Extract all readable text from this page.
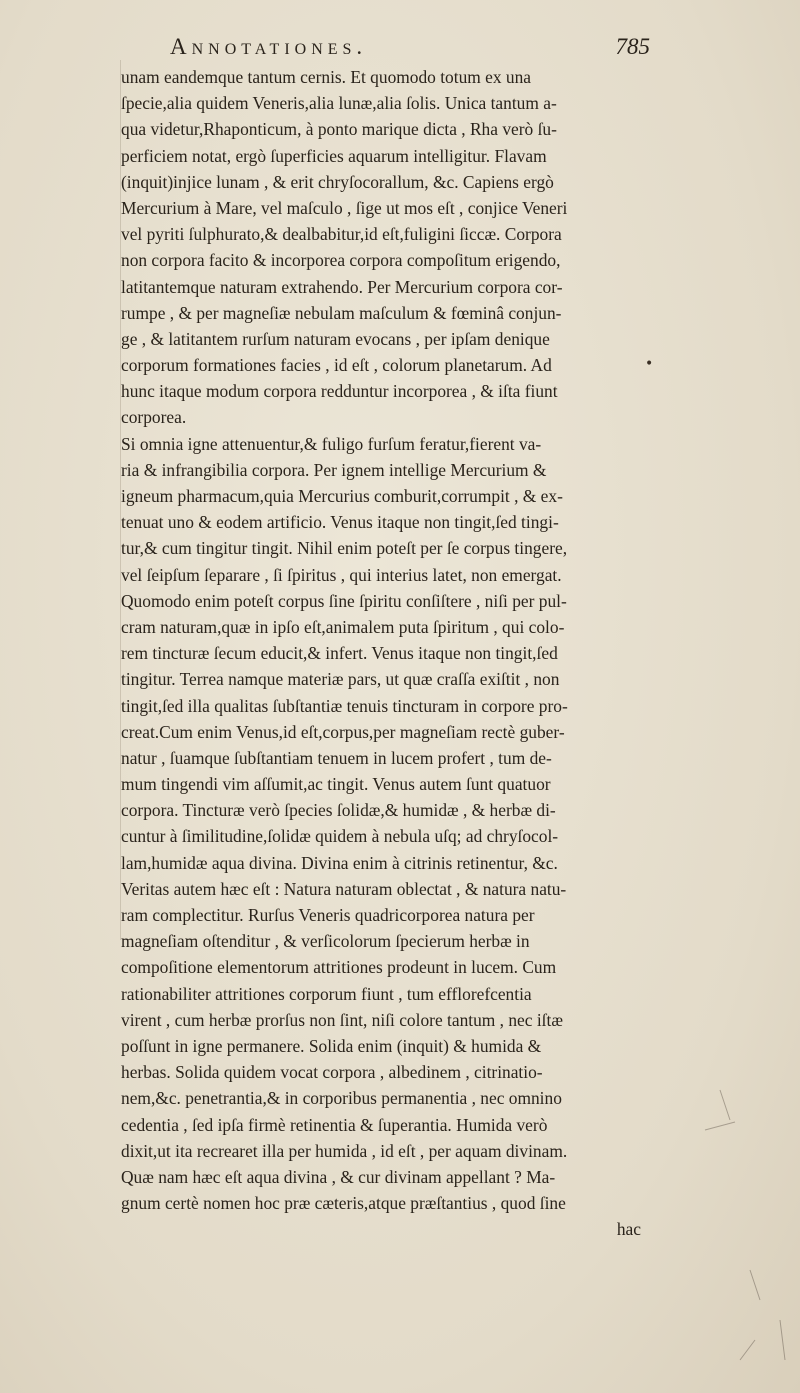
Annotationes.	785
unam eandemque tantum cernis. Et quomodo totum ex una
ſpecie,alia quidem Veneris,alia lunæ,alia ſolis. Unica tantum a-
qua videtur,Rhaponticum, à ponto marique dicta , Rha verò ſu-
perficiem notat, ergò ſuperficies aquarum intelligitur. Flavam
(inquit)injice lunam , & erit chryſocorallum, &c. Capiens ergò
Mercurium à Mare, vel maſculo , ſige ut mos eſt , conjice Veneri
vel pyriti ſulphurato,& dealbabitur,id eſt,fuligini ſiccæ. Corpora
non corpora facito & incorporea corpora compoſitum erigendo,
latitantemque naturam extrahendo. Per Mercurium corpora cor-
rumpe , & per magneſiæ nebulam maſculum & fœminâ conjun-
ge , & latitantem rurſum naturam evocans , per ipſam denique
corporum formationes facies , id eſt , colorum planetarum. Ad
hunc itaque modum corpora redduntur incorporea , & iſta fiunt
corporea.
Si omnia igne attenuentur,& fuligo furſum feratur,fierent va-
ria & infrangibilia corpora. Per ignem intellige Mercurium &
igneum pharmacum,quia Mercurius comburit,corrumpit , & ex-
tenuat uno & eodem artificio. Venus itaque non tingit,ſed tingi-
tur,& cum tingitur tingit. Nihil enim poteſt per ſe corpus tingere,
vel ſeipſum ſeparare , ſi ſpiritus , qui interius latet, non emergat.
Quomodo enim poteſt corpus ſine ſpiritu conſiſtere , niſi per pul-
cram naturam,quæ in ipſo eſt,animalem puta ſpiritum , qui colo-
rem tincturæ ſecum educit,& infert. Venus itaque non tingit,ſed
tingitur. Terrea namque materiæ pars, ut quæ craſſa exiſtit , non
tingit,ſed illa qualitas ſubſtantiæ tenuis tincturam in corpore pro-
creat.Cum enim Venus,id eſt,corpus,per magneſiam rectè guber-
natur , ſuamque ſubſtantiam tenuem in lucem profert , tum de-
mum tingendi vim aſſumit,ac tingit. Venus autem ſunt quatuor
corpora. Tincturæ verò ſpecies ſolidæ,& humidæ , & herbæ di-
cuntur à ſimilitudine,ſolidæ quidem à nebula uſq; ad chryſocol-
lam,humidæ aqua divina. Divina enim à citrinis retinentur, &c.
Veritas autem hæc eſt : Natura naturam oblectat , & natura natu-
ram complectitur. Rurſus Veneris quadricorporea natura per
magneſiam oſtenditur , & verſicolorum ſpecierum herbæ in
compoſitione elementorum attritiones prodeunt in lucem. Cum
rationabiliter attritiones corporum fiunt , tum efflorefcentia
virent , cum herbæ prorſus non ſint, niſi colore tantum , nec iſtæ
poſſunt in igne permanere. Solida enim (inquit) & humida &
herbas. Solida quidem vocat corpora , albedinem , citrinatio-
nem,&c. penetrantia,& in corporibus permanentia , nec omnino
cedentia , ſed ipſa firmè retinentia & ſuperantia. Humida verò
dixit,ut ita recrearet illa per humida , id eſt , per aquam divinam.
Quæ nam hæc eſt aqua divina , & cur divinam appellant ? Ma-
gnum certè nomen hoc præ cæteris,atque præſtantius , quod ſine
hac
•
